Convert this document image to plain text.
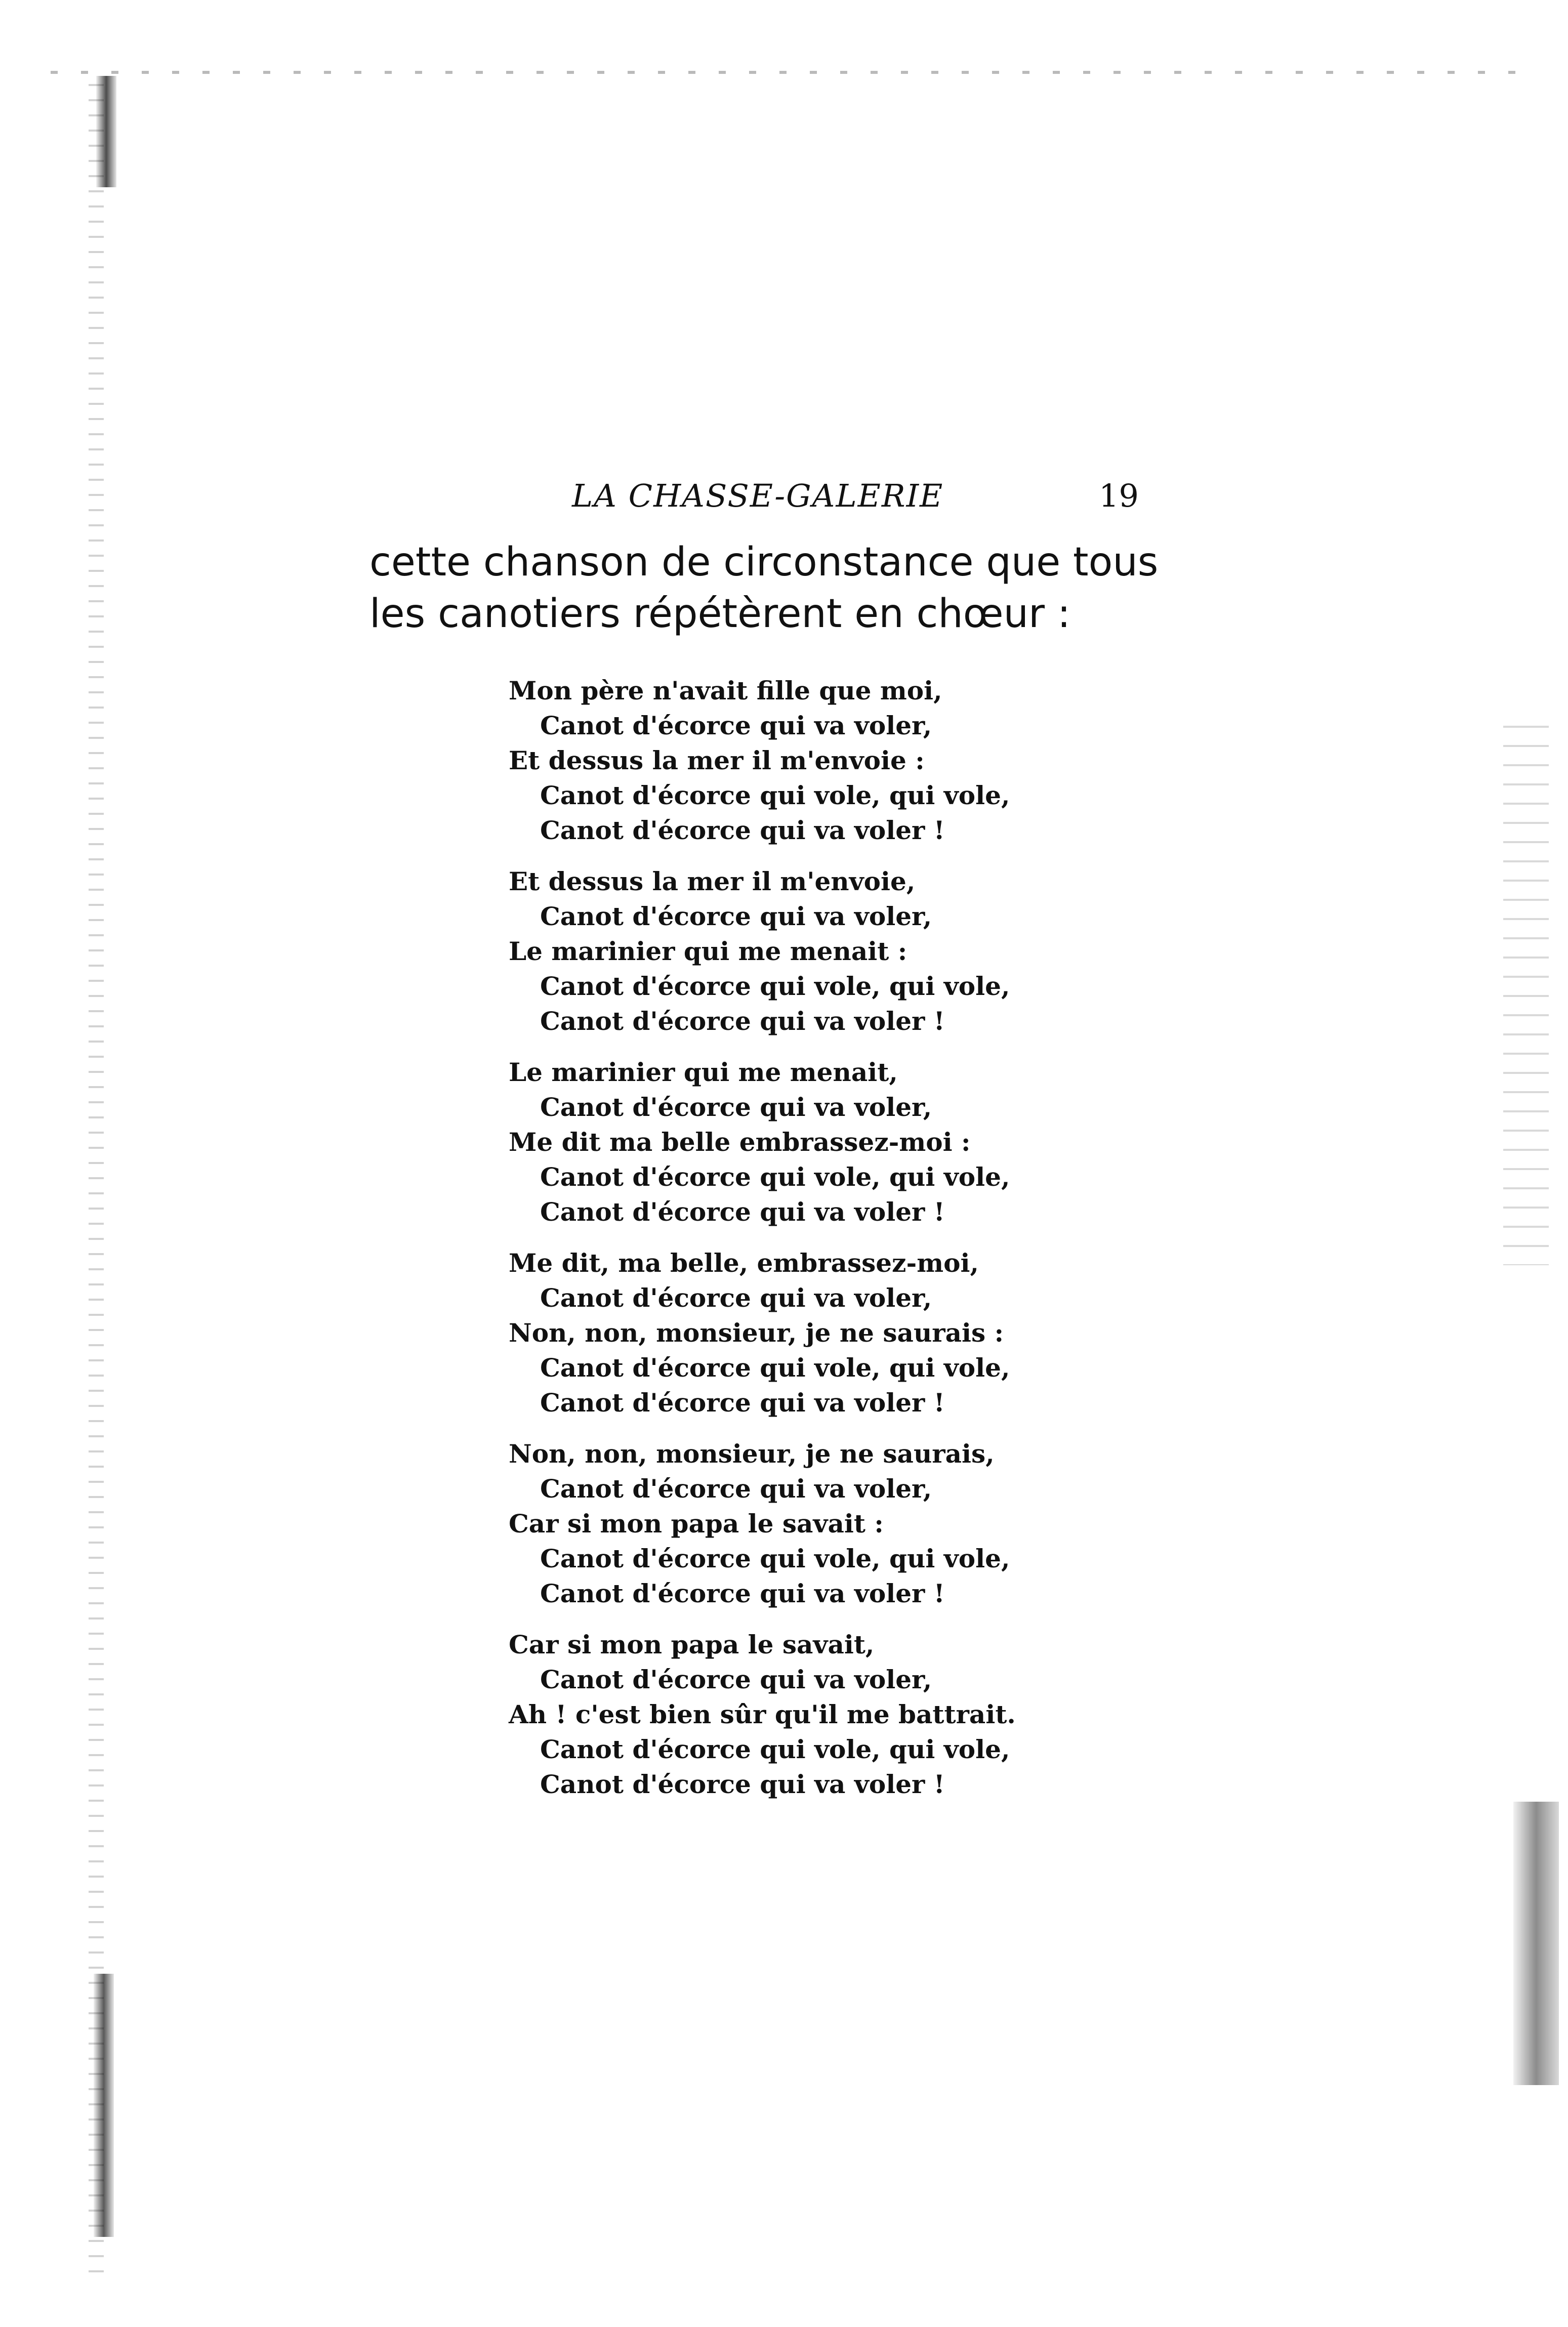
LA CHASSE-GALERIE	19
cette chanson de circonstance que tous
les canotiers répétèrent en chœur :
Mon père n'avait fille que moi,
Canot d'écorce qui va voler,
Et dessus la mer il m'envoie :
Canot d'écorce qui vole, qui vole,
Canot d'écorce qui va voler !
Et dessus la mer il m'envoie,
Canot d'écorce qui va voler,
Le marinier qui me menait :
Canot d'écorce qui vole, qui vole,
Canot d'écorce qui va voler !
Le marinier qui me menait,
Canot d'écorce qui va voler,
Me dit ma belle embrassez-moi :
Canot d'écorce qui vole, qui vole,
Canot d'écorce qui va voler !
Me dit, ma belle, embrassez-moi,
Canot d'écorce qui va voler,
Non, non, monsieur, je ne saurais :
Canot d'écorce qui vole, qui vole,
Canot d'écorce qui va voler !
Non, non, monsieur, je ne saurais,
Canot d'écorce qui va voler,
Car si mon papa le savait :
Canot d'écorce qui vole, qui vole,
Canot d'écorce qui va voler !
Car si mon papa le savait,
Canot d'écorce qui va voler,
Ah ! c'est bien sûr qu'il me battrait.
Canot d'écorce qui vole, qui vole,
Canot d'écorce qui va voler !
